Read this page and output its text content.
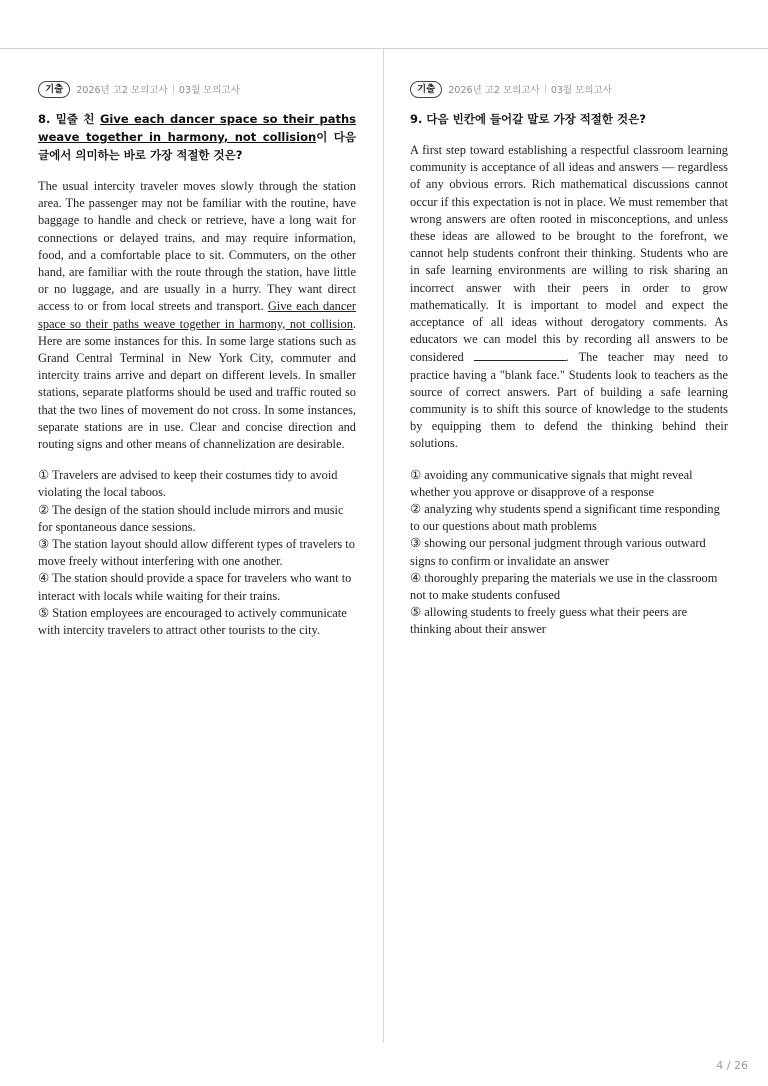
기출	2026년 고2 모의고사 | 03월 모의고사

8. 밑줄 친 Give each dancer space so their paths weave together in harmony, not collision이 다음 글에서 의미하는 바로 가장 적절한 것은?

The usual intercity traveler moves slowly through the station area. The passenger may not be familiar with the routine, have baggage to handle and check or retrieve, have a long wait for connections or delayed trains, and may require information, food, and a comfortable place to sit. Commuters, on the other hand, are familiar with the route through the station, have little or no luggage, and are usually in a hurry. They want direct access to or from local streets and transport. Give each dancer space so their paths weave together in harmony, not collision. Here are some instances for this. In some large stations such as Grand Central Terminal in New York City, commuter and intercity trains arrive and depart on different levels. In smaller stations, separate platforms should be used and traffic routed so that the two lines of movement do not cross. In some instances, separate stations are in use. Clear and concise direction and routing signs and other means of channelization are desirable.

① Travelers are advised to keep their costumes tidy to avoid violating the local taboos.

② The design of the station should include mirrors and music for spontaneous dance sessions.

③ The station layout should allow different types of travelers to move freely without interfering with one another.

④ The station should provide a space for travelers who want to interact with locals while waiting for their trains.

⑤ Station employees are encouraged to actively communicate with intercity travelers to attract other tourists to the city.

기출	2026년 고2 모의고사 | 03월 모의고사

9. 다음 빈칸에 들어갈 말로 가장 적절한 것은?

A first step toward establishing a respectful classroom learning community is acceptance of all ideas and answers — regardless of any obvious errors. Rich mathematical discussions cannot occur if this expectation is not in place. We must remember that wrong answers are often rooted in misconceptions, and unless these ideas are allowed to be brought to the forefront, we cannot help students confront their thinking. Students who are in safe learning environments are willing to risk sharing an incorrect answer with their peers in order to grow mathematically. It is important to model and expect the acceptance of all ideas without derogatory comments. As educators we can model this by recording all answers to be considered	. The teacher may need to practice having a "blank face." Students look to teachers as the source of correct answers. Part of building a safe learning community is to shift this source of knowledge to the students by equipping them to defend the thinking behind their solutions.

① avoiding any communicative signals that might reveal whether you approve or disapprove of a response

② analyzing why students spend a significant time responding to our questions about math problems

③ showing our personal judgment through various outward signs to confirm or invalidate an answer

④ thoroughly preparing the materials we use in the classroom not to make students confused

⑤ allowing students to freely guess what their peers are thinking about their answer

4 / 26
